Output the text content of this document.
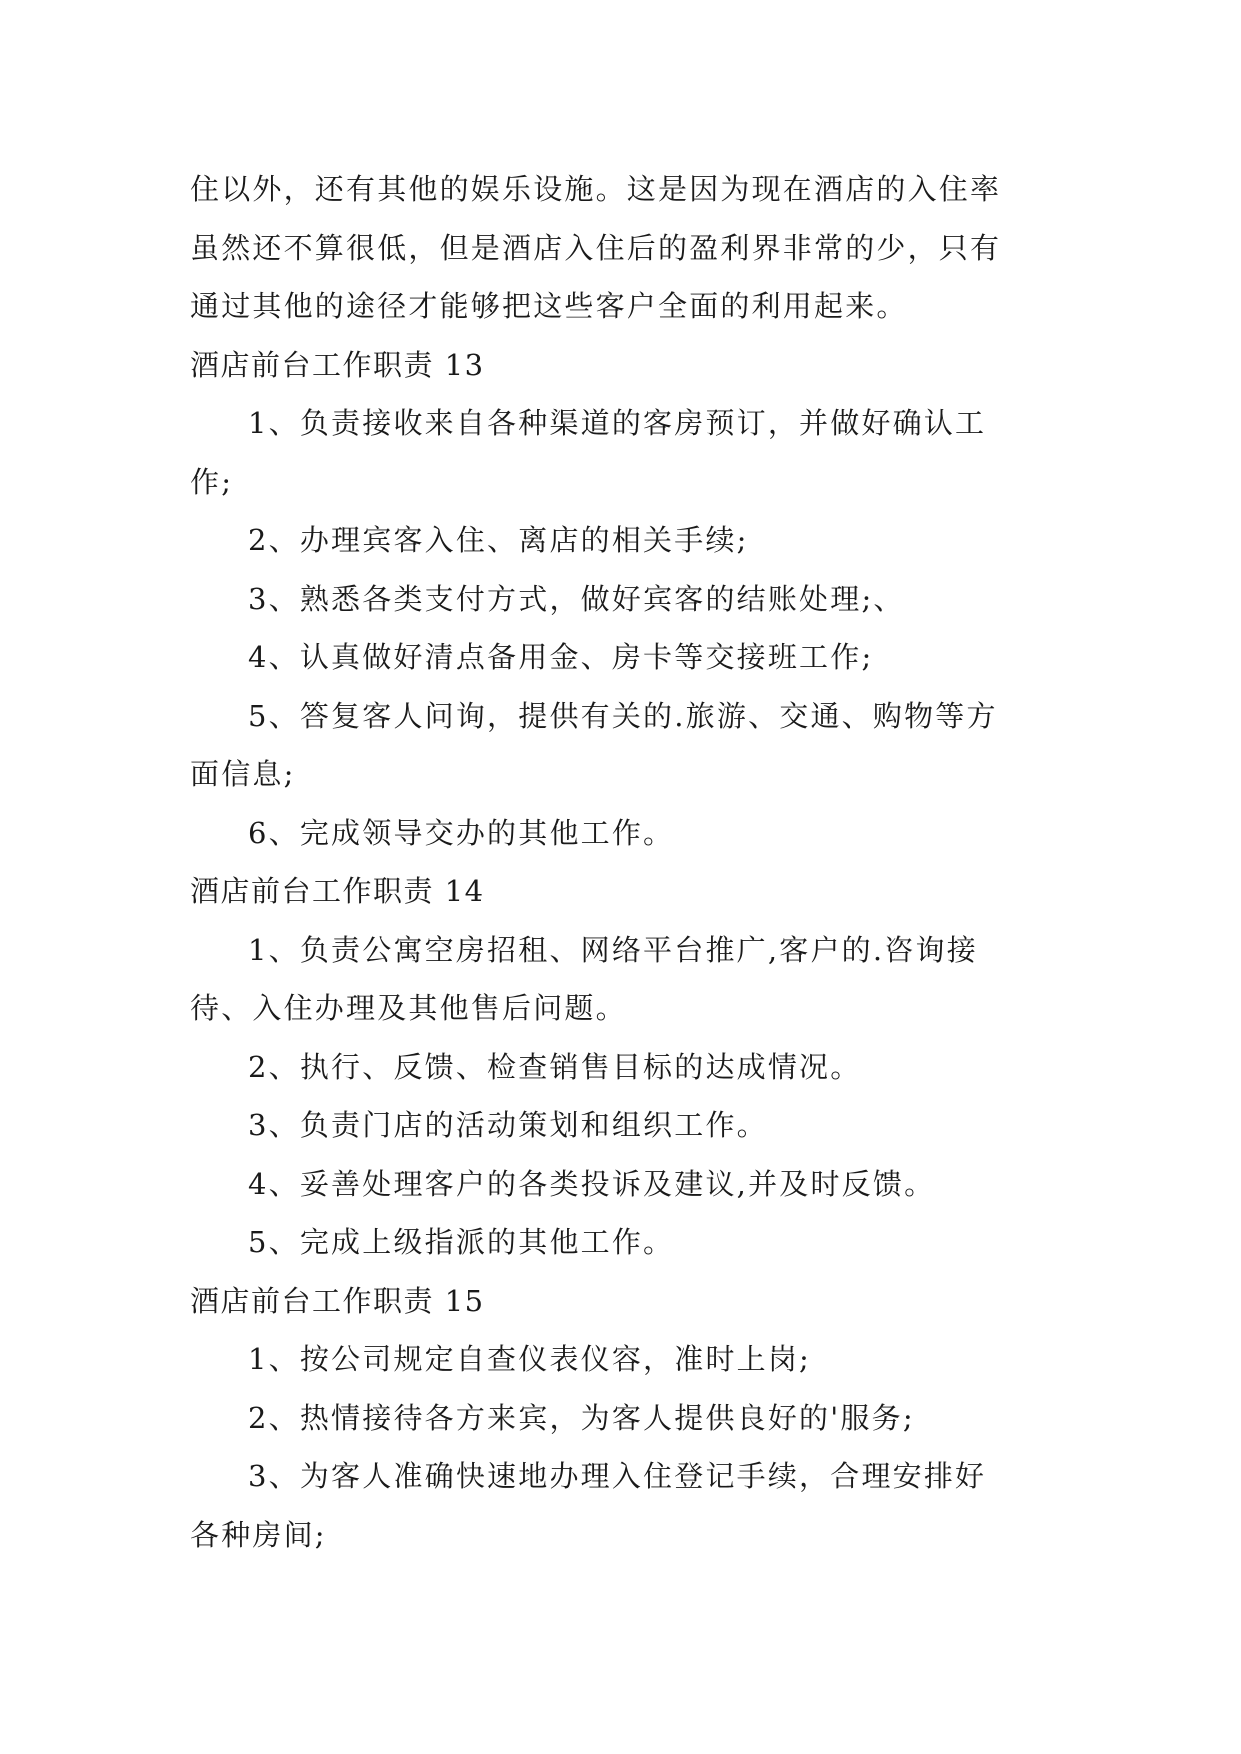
住以外，还有其他的娱乐设施。这是因为现在酒店的入住率
虽然还不算很低，但是酒店入住后的盈利界非常的少，只有
通过其他的途径才能够把这些客户全面的利用起来。
酒店前台工作职责 13
1、负责接收来自各种渠道的客房预订，并做好确认工
作;
2、办理宾客入住、离店的相关手续;
3、熟悉各类支付方式，做好宾客的结账处理;、
4、认真做好清点备用金、房卡等交接班工作;
5、答复客人问询，提供有关的.旅游、交通、购物等方
面信息;
6、完成领导交办的其他工作。
酒店前台工作职责 14
1、负责公寓空房招租、网络平台推广,客户的.咨询接
待、入住办理及其他售后问题。
2、执行、反馈、检查销售目标的达成情况。
3、负责门店的活动策划和组织工作。
4、妥善处理客户的各类投诉及建议,并及时反馈。
5、完成上级指派的其他工作。
酒店前台工作职责 15
1、按公司规定自查仪表仪容，准时上岗;
2、热情接待各方来宾，为客人提供良好的'服务;
3、为客人准确快速地办理入住登记手续，合理安排好
各种房间;
